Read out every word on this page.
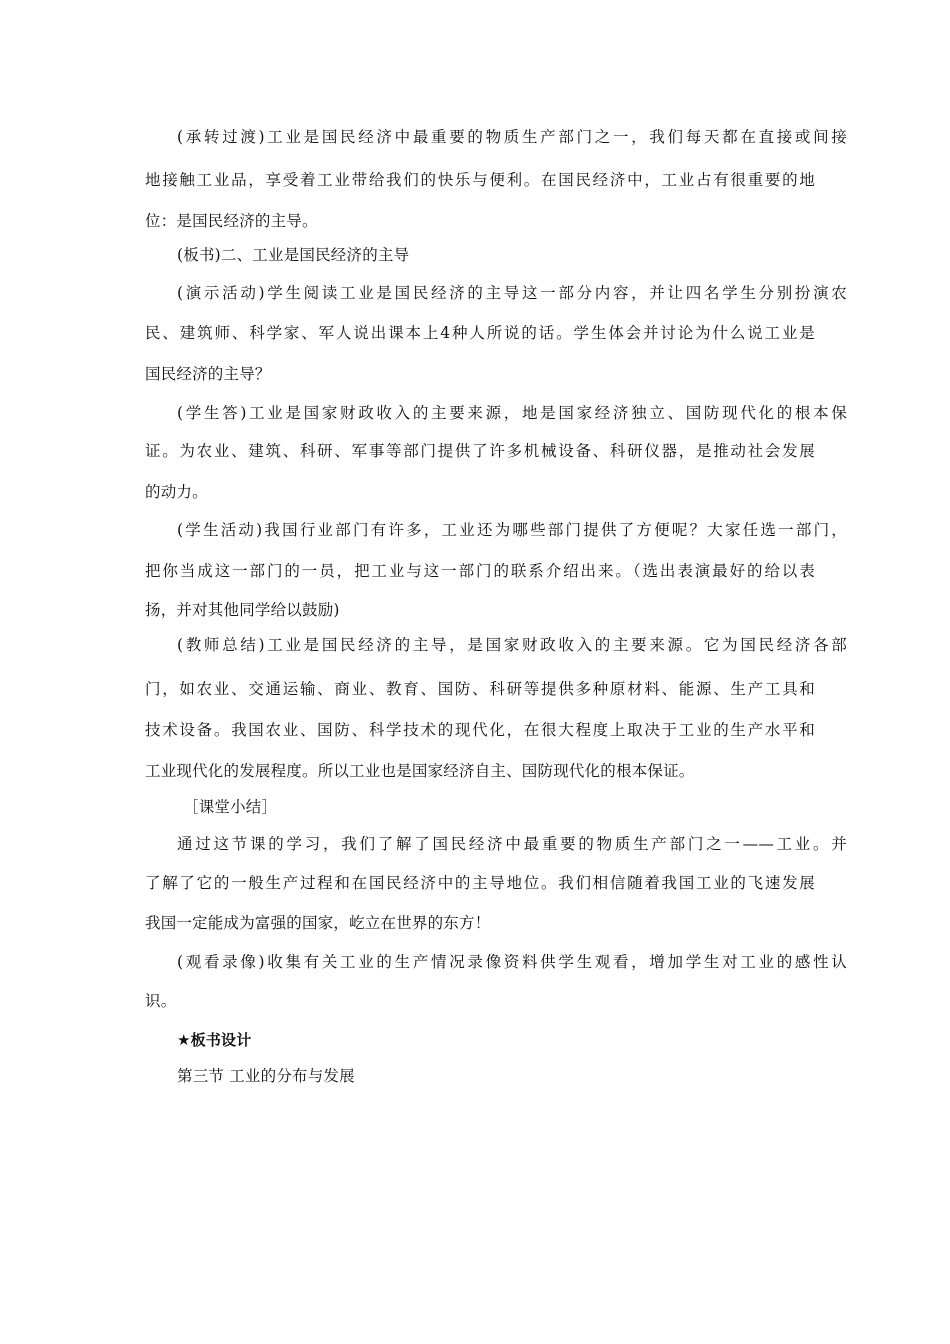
(承转过渡)工业是国民经济中最重要的物质生产部门之一，我们每天都在直接或间接
地接触工业品，享受着工业带给我们的快乐与便利。在国民经济中，工业占有很重要的地
位：是国民经济的主导。
(板书)二、工业是国民经济的主导
(演示活动)学生阅读工业是国民经济的主导这一部分内容，并让四名学生分别扮演农
民、建筑师、科学家、军人说出课本上4种人所说的话。学生体会并讨论为什么说工业是
国民经济的主导？
(学生答)工业是国家财政收入的主要来源，地是国家经济独立、国防现代化的根本保
证。为农业、建筑、科研、军事等部门提供了许多机械设备、科研仪器，是推动社会发展
的动力。
(学生活动)我国行业部门有许多，工业还为哪些部门提供了方便呢？大家任选一部门，
把你当成这一部门的一员，把工业与这一部门的联系介绍出来。（选出表演最好的给以表
扬，并对其他同学给以鼓励)
(教师总结)工业是国民经济的主导，是国家财政收入的主要来源。它为国民经济各部
门，如农业、交通运输、商业、教育、国防、科研等提供多种原材料、能源、生产工具和
技术设备。我国农业、国防、科学技术的现代化，在很大程度上取决于工业的生产水平和
工业现代化的发展程度。所以工业也是国家经济自主、国防现代化的根本保证。
［课堂小结］
通过这节课的学习，我们了解了国民经济中最重要的物质生产部门之一——工业。并
了解了它的一般生产过程和在国民经济中的主导地位。我们相信随着我国工业的飞速发展
我国一定能成为富强的国家，屹立在世界的东方！
(观看录像)收集有关工业的生产情况录像资料供学生观看，增加学生对工业的感性认
识。
★板书设计
第三节 工业的分布与发展
